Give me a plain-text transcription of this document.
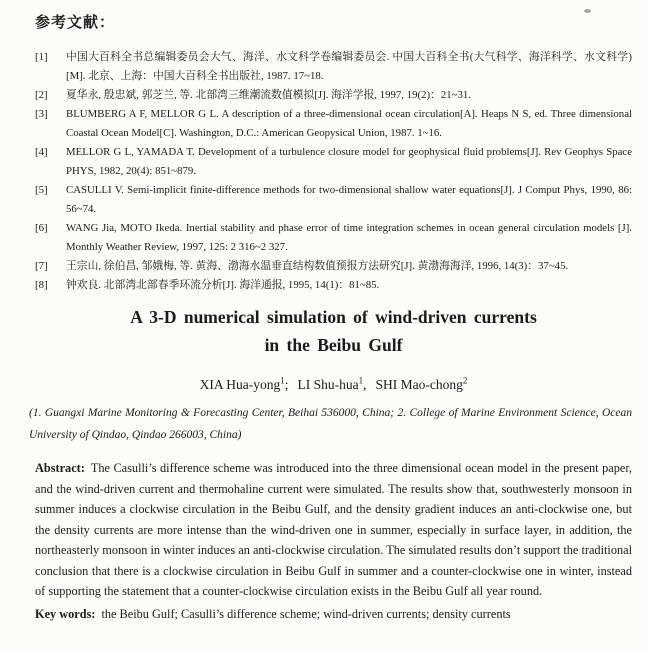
参考文献：
[1]	中国大百科全书总编辑委员会大气、海洋、水文科学卷编辑委员会. 中国大百科全书(大气科学、海洋科学、水文科学)[M]. 北京、上海：中国大百科全书出版社, 1987. 17~18.
[2]	夏华永, 殷忠斌, 郭芝兰, 等. 北部湾三维潮流数值模拟[J]. 海洋学报, 1997, 19(2)：21~31.
[3]	BLUMBERG A F, MELLOR G L. A description of a three-dimensional ocean circulation[A]. Heaps N S, ed. Three dimensional Coastal Ocean Model[C]. Washington, D.C.: American Geopysical Union, 1987. 1~16.
[4]	MELLOR G L, YAMADA T. Development of a turbulence closure model for geophysical fluid problems[J]. Rev Geophys Space PHYS, 1982, 20(4): 851~879.
[5]	CASULLI V. Semi-implicit finite-difference methods for two-dimensional shallow water equations[J]. J Comput Phys, 1990, 86: 56~74.
[6]	WANG Jia, MOTO Ikeda. Inertial stability and phase error of time integration schemes in ocean general circulation models [J]. Monthly Weather Review, 1997, 125: 2 316~2 327.
[7]	王宗山, 徐伯昌, 邹娥梅, 等. 黄海、渤海水温垂直结构数值预报方法研究[J]. 黄渤海海洋, 1996, 14(3)：37~45.
[8]	钟欢良. 北部湾北部春季环流分析[J]. 海洋通报, 1995, 14(1)：81~85.
A 3-D numerical simulation of wind-driven currents
in the Beibu Gulf
XIA Hua-yong$^1$; LI Shu-hua$^1$, SHI Mao-chong$^2$

(1. Guangxi Marine Monitoring & Forecasting Center, Beihai 536000, China; 2. College of Marine Environment Science, Ocean University of Qindao, Qindao 266003, China)

Abstract: The Casulli’s difference scheme was introduced into the three dimensional ocean model in the present paper, and the wind-driven current and thermohaline current were simulated. The results show that, southwesterly monsoon in summer induces a clockwise circulation in the Beibu Gulf, and the density gradient induces an anti-clockwise one, but the density currents are more intense than the wind-driven one in summer, especially in surface layer, in addition, the northeasterly monsoon in winter induces an anti-clockwise circulation. The simulated results don’t support the traditional conclusion that there is a clockwise circulation in Beibu Gulf in summer and a counter-clockwise one in winter, instead of supporting the statement that a counter-clockwise circulation exists in the Beibu Gulf all year round.

Key words: the Beibu Gulf; Casulli’s difference scheme; wind-driven currents; density currents
